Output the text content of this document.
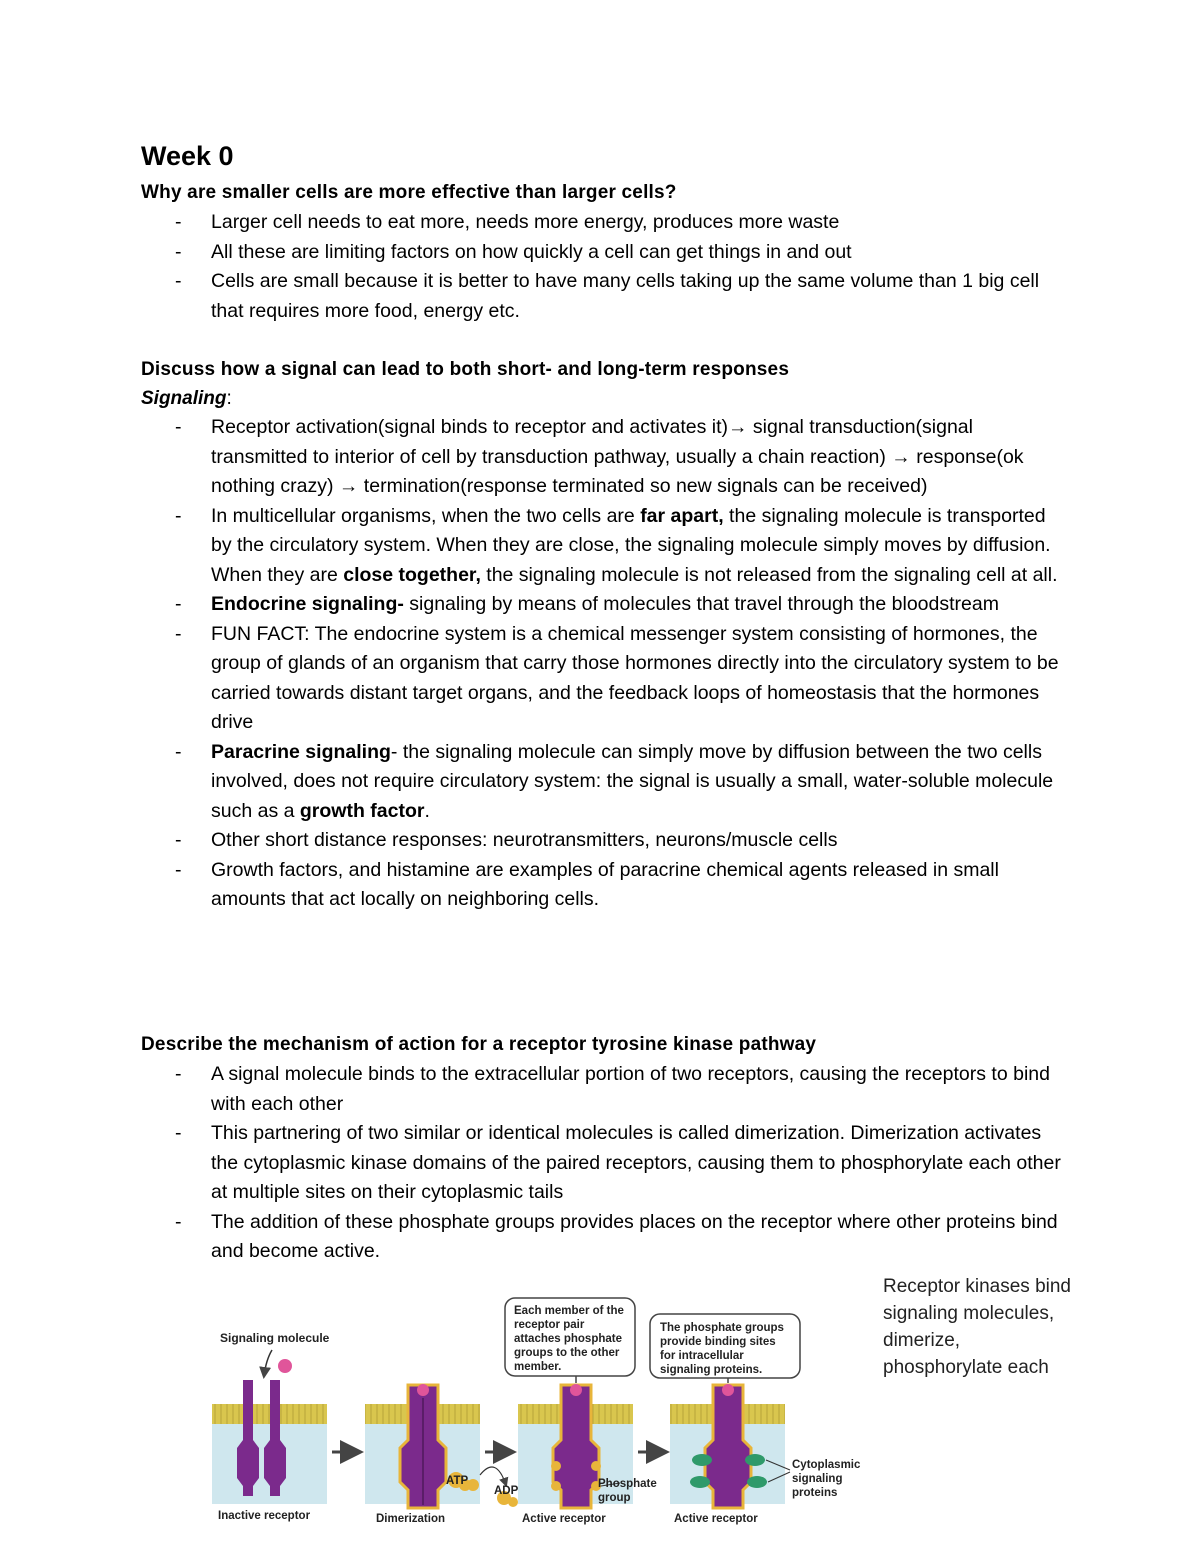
Week 0

Why are smaller cells are more effective than larger cells?

- Larger cell needs to eat more, needs more energy, produces more waste
- All these are limiting factors on how quickly a cell can get things in and out
- Cells are small because it is better to have many cells taking up the same volume than 1 big cell that requires more food, energy etc.

Discuss how a signal can lead to both short- and long-term responses

Signaling:

- Receptor activation(signal binds to receptor and activates it)→ signal transduction(signal transmitted to interior of cell by transduction pathway, usually a chain reaction) → response(ok nothing crazy) → termination(response terminated so new signals can be received)
- In multicellular organisms, when the two cells are far apart, the signaling molecule is transported by the circulatory system. When they are close, the signaling molecule simply moves by diffusion. When they are close together, the signaling molecule is not released from the signaling cell at all.
- Endocrine signaling- signaling by means of molecules that travel through the bloodstream
- FUN FACT: The endocrine system is a chemical messenger system consisting of hormones, the group of glands of an organism that carry those hormones directly into the circulatory system to be carried towards distant target organs, and the feedback loops of homeostasis that the hormones drive
- Paracrine signaling- the signaling molecule can simply move by diffusion between the two cells involved, does not require circulatory system: the signal is usually a small, water-soluble molecule such as a growth factor.
- Other short distance responses: neurotransmitters, neurons/muscle cells
- Growth factors, and histamine are examples of paracrine chemical agents released in small amounts that act locally on neighboring cells.

Describe the mechanism of action for a receptor tyrosine kinase pathway

- A signal molecule binds to the extracellular portion of two receptors, causing the receptors to bind with each other
- This partnering of two similar or identical molecules is called dimerization. Dimerization activates the cytoplasmic kinase domains of the paired receptors, causing them to phosphorylate each other at multiple sites on their cytoplasmic tails
- The addition of these phosphate groups provides places on the receptor where other proteins bind and become active.
Receptor kinases bind signaling molecules, dimerize, phosphorylate each
Signaling molecule
ATP
ADP
Phosphate
group
Cytoplasmic
signaling
proteins
Each member of the
receptor pair
attaches phosphate
groups to the other
member.
The phosphate groups
provide binding sites
for intracellular
signaling proteins.
Inactive receptor	Dimerization	Active receptor	Active receptor
